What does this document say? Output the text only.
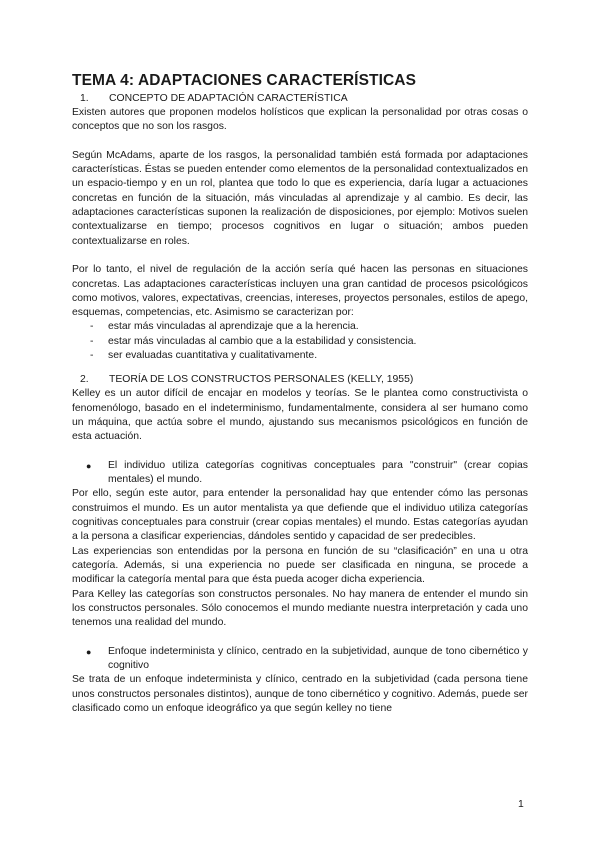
TEMA 4: ADAPTACIONES CARACTERÍSTICAS
1.	CONCEPTO DE ADAPTACIÓN CARACTERÍSTICA

Existen autores que proponen modelos holísticos que explican la personalidad por otras cosas o conceptos que no son los rasgos.

Según McAdams, aparte de los rasgos, la personalidad también está formada por adaptaciones características. Éstas se pueden entender como elementos de la personalidad contextualizados en un espacio-tiempo y en un rol, plantea que todo lo que es experiencia, daría lugar a actuaciones concretas en función de la situación, más vinculadas al aprendizaje y al cambio. Es decir, las adaptaciones características suponen la realización de disposiciones, por ejemplo: Motivos suelen contextualizarse en tiempo; procesos cognitivos en lugar o situación; ambos pueden contextualizarse en roles.

Por lo tanto, el nivel de regulación de la acción sería qué hacen las personas en situaciones concretas. Las adaptaciones características incluyen una gran cantidad de procesos psicológicos como motivos, valores, expectativas, creencias, intereses, proyectos personales, estilos de apego, esquemas, competencias, etc. Asimismo se caracterizan por:

-	estar más vinculadas al aprendizaje que a la herencia.
-	estar más vinculadas al cambio que a la estabilidad y consistencia.
-	ser evaluadas cuantitativa y cualitativamente.
2.	TEORÍA DE LOS CONSTRUCTOS PERSONALES (KELLY, 1955)

Kelley es un autor difícil de encajar en modelos y teorías. Se le plantea como constructivista o fenomenólogo, basado en el indeterminismo, fundamentalmente, considera al ser humano como un máquina, que actúa sobre el mundo, ajustando sus mecanismos psicológicos en función de esta actuación.

●	El individuo utiliza categorías cognitivas conceptuales para "construir" (crear copias mentales) el mundo.

Por ello, según este autor, para entender la personalidad hay que entender cómo las personas construimos el mundo. Es un autor mentalista ya que defiende que el individuo utiliza categorías cognitivas conceptuales para construir (crear copias mentales) el mundo. Estas categorías ayudan a la persona a clasificar experiencias, dándoles sentido y capacidad de ser predecibles.

Las experiencias son entendidas por la persona en función de su “clasificación” en una u otra categoría. Además, si una experiencia no puede ser clasificada en ninguna, se procede a modificar la categoría mental para que ésta pueda acoger dicha experiencia.

Para Kelley las categorías son constructos personales. No hay manera de entender el mundo sin los constructos personales. Sólo conocemos el mundo mediante nuestra interpretación y cada uno tenemos una realidad del mundo.

●	Enfoque indeterminista y clínico, centrado en la subjetividad, aunque de tono cibernético y cognitivo

Se trata de un enfoque indeterminista y clínico, centrado en la subjetividad (cada persona tiene unos constructos personales distintos), aunque de tono cibernético y cognitivo. Además, puede ser clasificado como un enfoque ideográfico ya que según kelley no tiene

1
